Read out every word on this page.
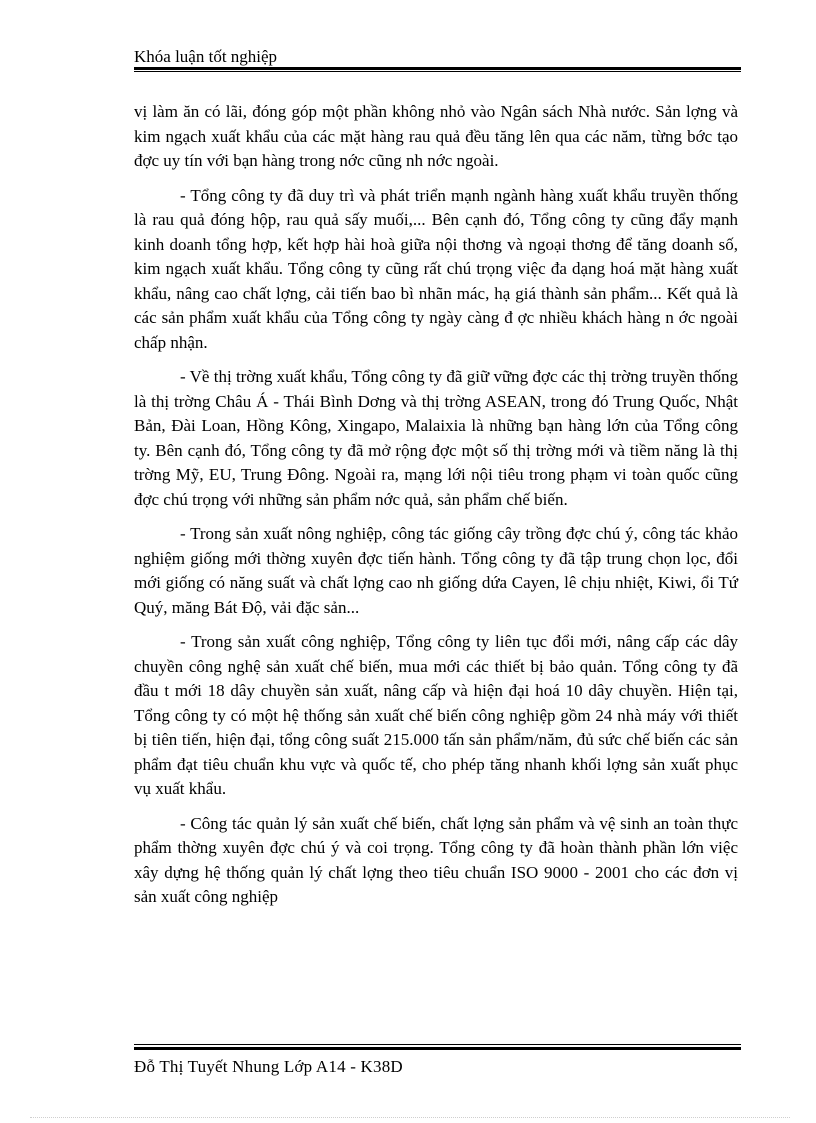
Khóa luận tốt nghiệp

vị làm ăn có lãi, đóng góp một phần không nhỏ vào Ngân sách Nhà nước. Sản lợng và kim ngạch xuất khẩu của các mặt hàng rau quả đều tăng lên qua các năm, từng bớc tạo đợc uy tín với bạn hàng trong nớc cũng nh nớc ngoài.

- Tổng công ty đã duy trì và phát triển mạnh ngành hàng xuất khẩu truyền thống là rau quả đóng hộp, rau quả sấy muối,... Bên cạnh đó, Tổng công ty cũng đẩy mạnh kinh doanh tổng hợp, kết hợp hài hoà giữa nội thơng và ngoại thơng để tăng doanh số, kim ngạch xuất khẩu. Tổng công ty cũng rất chú trọng việc đa dạng hoá mặt hàng xuất khẩu, nâng cao chất lợng, cải tiến bao bì nhãn mác, hạ giá thành sản phẩm... Kết quả là các sản phẩm xuất khẩu của Tổng công ty ngày càng đ ợc nhiều khách hàng n ớc ngoài chấp nhận.

- Về thị trờng xuất khẩu, Tổng công ty đã giữ vững đợc các thị trờng truyền thống là thị trờng Châu Á - Thái Bình Dơng và thị trờng ASEAN, trong đó Trung Quốc, Nhật Bản, Đài Loan, Hồng Kông, Xingapo, Malaixia là những bạn hàng lớn của Tổng công ty. Bên cạnh đó, Tổng công ty đã mở rộng đợc một số thị trờng mới và tiềm năng là thị trờng Mỹ, EU, Trung Đông. Ngoài ra, mạng lới nội tiêu trong phạm vi toàn quốc cũng đợc chú trọng với những sản phẩm nớc quả, sản phẩm chế biến.

- Trong sản xuất nông nghiệp, công tác giống cây trồng đợc chú ý, công tác khảo nghiệm giống mới thờng xuyên đợc tiến hành. Tổng công ty đã tập trung chọn lọc, đổi mới giống có năng suất và chất lợng cao nh giống dứa Cayen, lê chịu nhiệt, Kiwi, ổi Tứ Quý, măng Bát Độ, vải đặc sản...

- Trong sản xuất công nghiệp, Tổng công ty liên tục đổi mới, nâng cấp các dây chuyền công nghệ sản xuất chế biến, mua mới các thiết bị bảo quản. Tổng công ty đã đầu t mới 18 dây chuyền sản xuất, nâng cấp và hiện đại hoá 10 dây chuyền. Hiện tại, Tổng công ty có một hệ thống sản xuất chế biến công nghiệp gồm 24 nhà máy với thiết bị tiên tiến, hiện đại, tổng công suất 215.000 tấn sản phẩm/năm, đủ sức chế biến các sản phẩm đạt tiêu chuẩn khu vực và quốc tế, cho phép tăng nhanh khối lợng sản xuất phục vụ xuất khẩu.

- Công tác quản lý sản xuất chế biến, chất lợng sản phẩm và vệ sinh an toàn thực phẩm thờng xuyên đợc chú ý và coi trọng. Tổng công ty đã hoàn thành phần lớn việc xây dựng hệ thống quản lý chất lợng theo tiêu chuẩn ISO 9000 - 2001 cho các đơn vị sản xuất công nghiệp

Đỗ Thị Tuyết Nhung Lớp A14 - K38D
